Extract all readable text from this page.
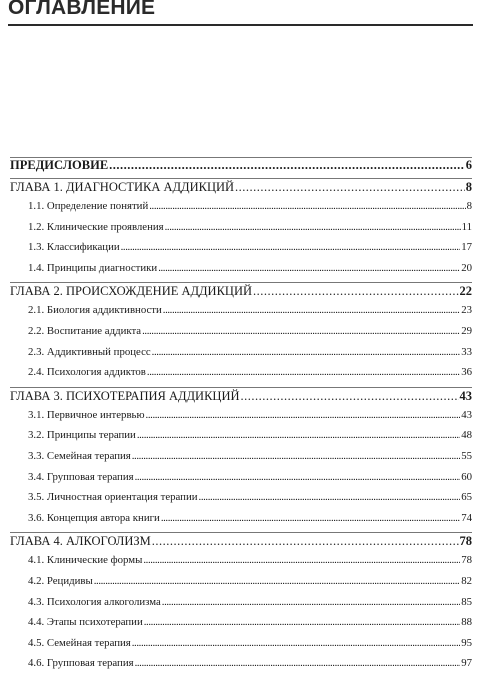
ОГЛАВЛЕНИЕ
ПРЕДИСЛОВИЕ .....	6
ГЛАВА 1. ДИАГНОСТИКА АДДИКЦИЙ .....	8
1.1. Определение понятий .....	8
1.2. Клинические проявления .....	11
1.3. Классификации .....	17
1.4. Принципы диагностики .....	20
ГЛАВА 2. ПРОИСХОЖДЕНИЕ АДДИКЦИЙ .....	22
2.1. Биология аддиктивности .....	23
2.2. Воспитание аддикта .....	29
2.3. Аддиктивный процесс .....	33
2.4. Психология аддиктов .....	36
ГЛАВА 3. ПСИХОТЕРАПИЯ АДДИКЦИЙ .....	43
3.1. Первичное интервью .....	43
3.2. Принципы терапии .....	48
3.3. Семейная терапия .....	55
3.4. Групповая терапия .....	60
3.5. Личностная ориентация терапии .....	65
3.6. Концепция автора книги .....	74
ГЛАВА 4. АЛКОГОЛИЗМ .....	78
4.1. Клинические формы .....	78
4.2. Рецидивы .....	82
4.3. Психология алкоголизма .....	85
4.4. Этапы психотерапии .....	88
4.5. Семейная терапия .....	95
4.6. Групповая терапия .....	97
